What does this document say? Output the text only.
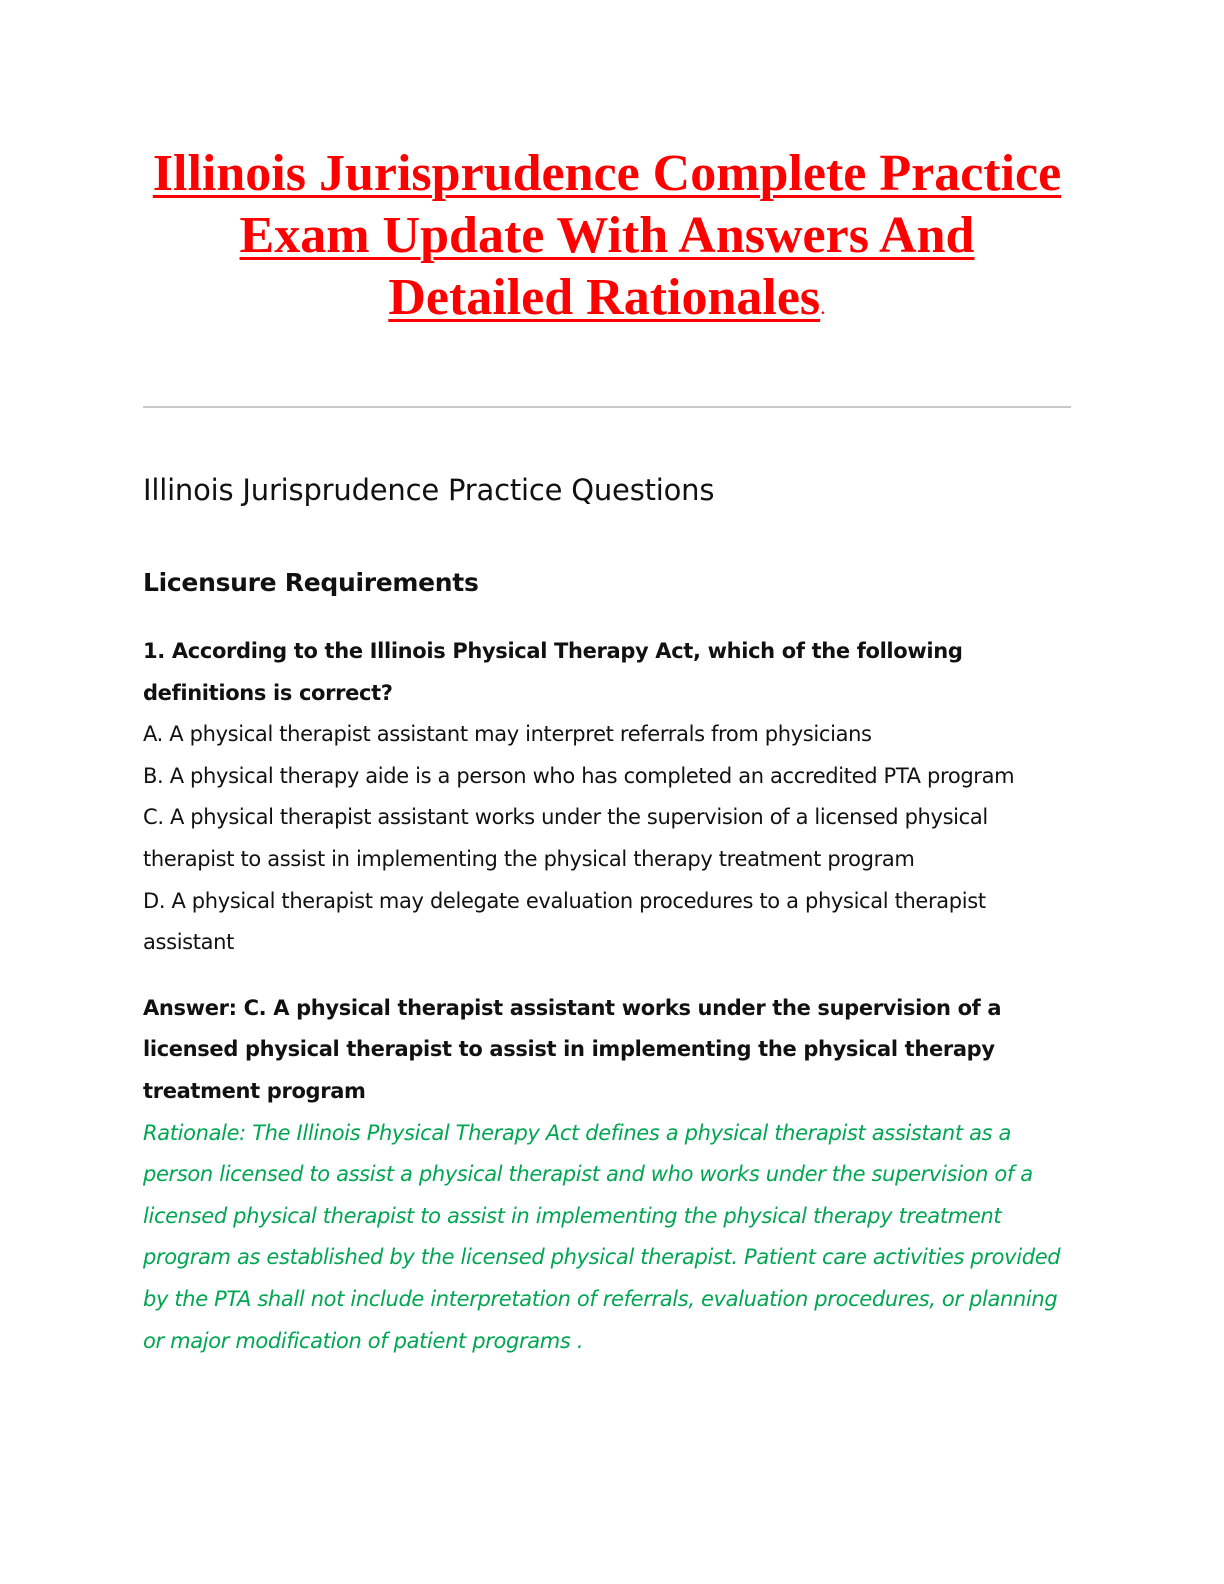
Illinois Jurisprudence Complete Practice
Exam Update With Answers And
Detailed Rationales.
Illinois Jurisprudence Practice Questions
Licensure Requirements

1. According to the Illinois Physical Therapy Act, which of the following definitions is correct?

A. A physical therapist assistant may interpret referrals from physicians

B. A physical therapy aide is a person who has completed an accredited PTA program

C. A physical therapist assistant works under the supervision of a licensed physical therapist to assist in implementing the physical therapy treatment program

D. A physical therapist may delegate evaluation procedures to a physical therapist assistant

Answer: C. A physical therapist assistant works under the supervision of a licensed physical therapist to assist in implementing the physical therapy treatment program

Rationale: The Illinois Physical Therapy Act defines a physical therapist assistant as a person licensed to assist a physical therapist and who works under the supervision of a licensed physical therapist to assist in implementing the physical therapy treatment program as established by the licensed physical therapist. Patient care activities provided by the PTA shall not include interpretation of referrals, evaluation procedures, or planning or major modification of patient programs .
